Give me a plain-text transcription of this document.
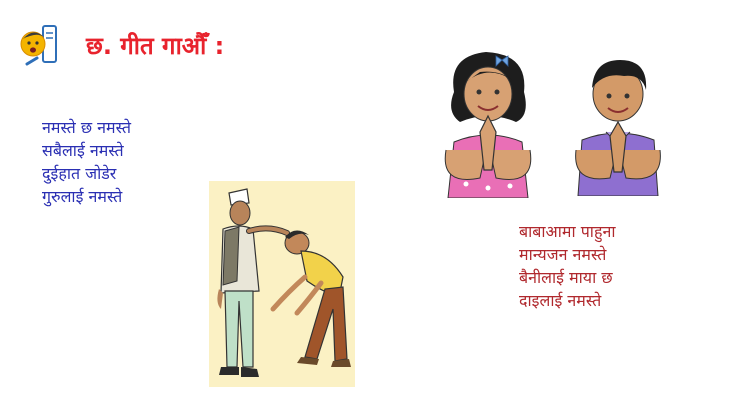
छ. गीत गाऔँ :
नमस्ते छ नमस्ते
सबैलाई नमस्ते
दुईहात जोडेर
गुरुलाई नमस्ते
बाबाआमा पाहुना
मान्यजन नमस्ते
बैनीलाई माया छ
दाइलाई नमस्ते
